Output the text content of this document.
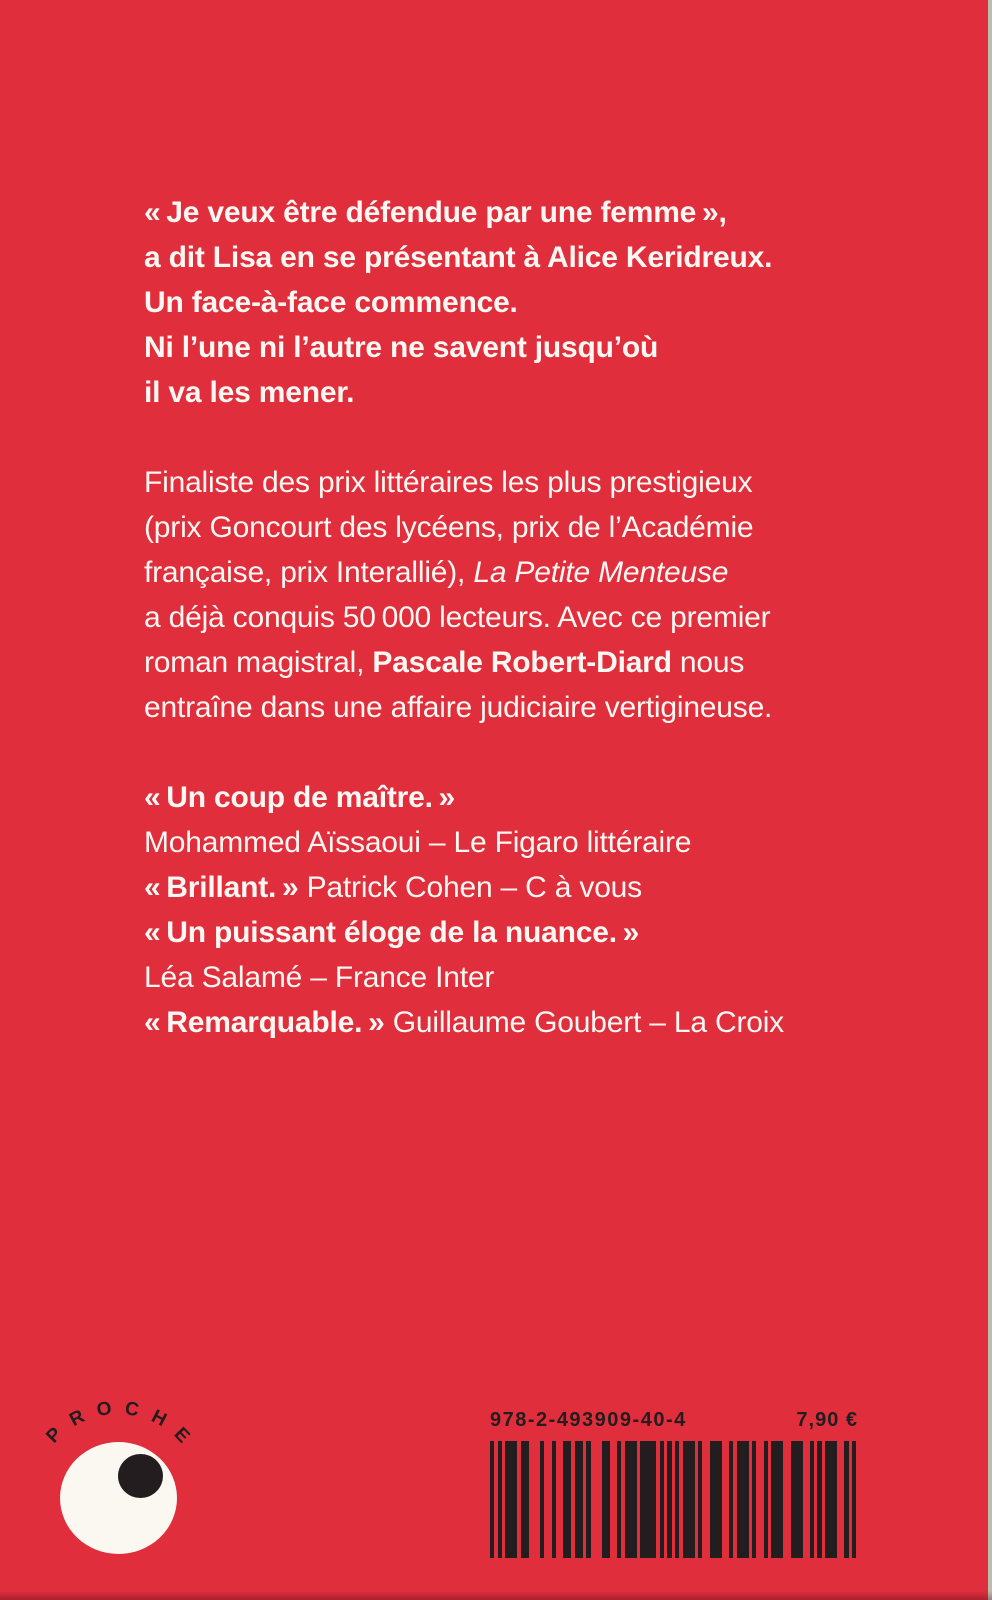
« Je veux être défendue par une femme »,
a dit Lisa en se présentant à Alice Keridreux.
Un face-à-face commence.
Ni l’une ni l’autre ne savent jusqu’où
il va les mener.
Finaliste des prix littéraires les plus prestigieux
(prix Goncourt des lycéens, prix de l’Académie
française, prix Interallié), La Petite Menteuse
a déjà conquis 50 000 lecteurs. Avec ce premier
roman magistral, Pascale Robert-Diard nous
entraîne dans une affaire judiciaire vertigineuse.
« Un coup de maître. »
Mohammed Aïssaoui – Le Figaro littéraire
« Brillant. » Patrick Cohen – C à vous
« Un puissant éloge de la nuance. »
Léa Salamé – France Inter
« Remarquable. » Guillaume Goubert – La Croix
P
R O C H
E
978-2-493909-40-4	7,90 €
